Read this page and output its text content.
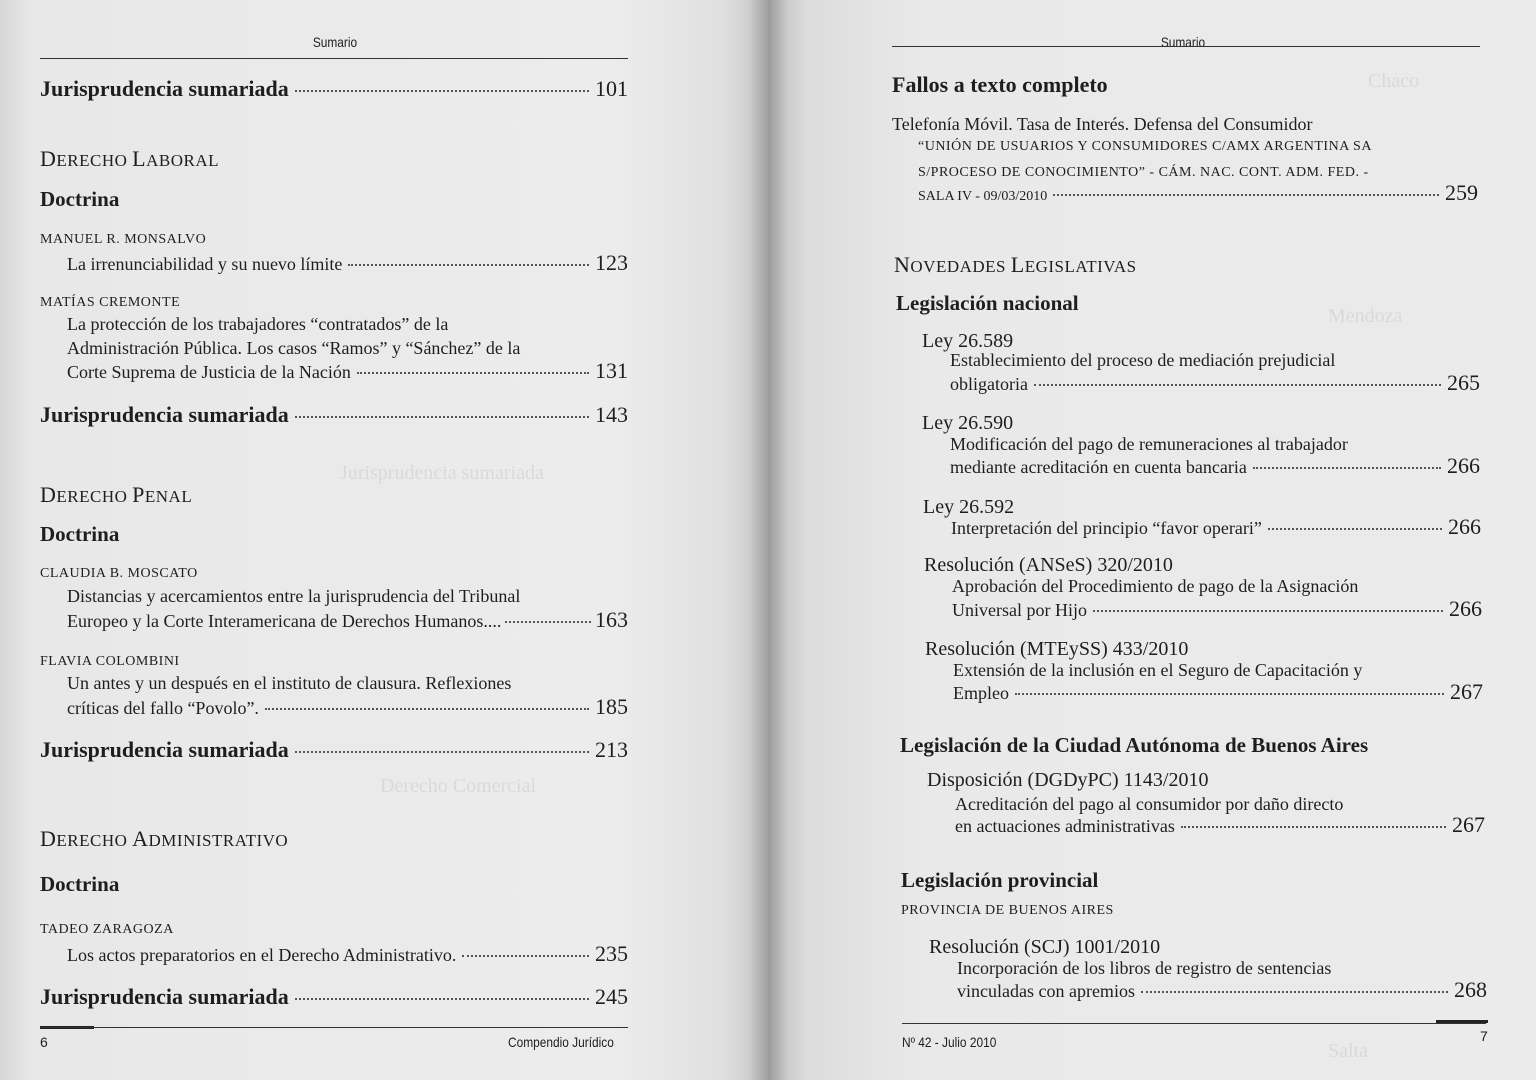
Jurisprudencia sumariada
Derecho Comercial
Sumario
Jurisprudencia sumariada	101
DERECHO LABORAL
Doctrina
MANUEL R. MONSALVO
La irrenunciabilidad y su nuevo límite	123
MATÍAS CREMONTE
La protección de los trabajadores “contratados” de la
Administración Pública. Los casos “Ramos” y “Sánchez” de la
Corte Suprema de Justicia de la Nación	131
Jurisprudencia sumariada	143
DERECHO PENAL
Doctrina
CLAUDIA B. MOSCATO
Distancias y acercamientos entre la jurisprudencia del Tribunal
Europeo y la Corte Interamericana de Derechos Humanos....	163
FLAVIA COLOMBINI
Un antes y un después en el instituto de clausura. Reflexiones
críticas del fallo “Povolo”.	185
Jurisprudencia sumariada	213
DERECHO ADMINISTRATIVO
Doctrina
TADEO ZARAGOZA
Los actos preparatorios en el Derecho Administrativo.	235
Jurisprudencia sumariada	245
6	Compendio Jurídico
Chaco
Mendoza
Salta
Sumario
Fallos a texto completo
Telefonía Móvil. Tasa de Interés. Defensa del Consumidor
“UNIÓN DE USUARIOS Y CONSUMIDORES C/AMX ARGENTINA SA
S/PROCESO DE CONOCIMIENTO” - CÁM. NAC. CONT. ADM. FED. -
SALA IV - 09/03/2010	259
NOVEDADES LEGISLATIVAS
Legislación nacional
Ley 26.589
Establecimiento del proceso de mediación prejudicial
obligatoria	265
Ley 26.590
Modificación del pago de remuneraciones al trabajador
mediante acreditación en cuenta bancaria	266
Ley 26.592
Interpretación del principio “favor operari”	266
Resolución (ANSeS) 320/2010
Aprobación del Procedimiento de pago de la Asignación
Universal por Hijo	266
Resolución (MTEySS) 433/2010
Extensión de la inclusión en el Seguro de Capacitación y
Empleo	267
Legislación de la Ciudad Autónoma de Buenos Aires
Disposición (DGDyPC) 1143/2010
Acreditación del pago al consumidor por daño directo
en actuaciones administrativas	267
Legislación provincial
PROVINCIA DE BUENOS AIRES
Resolución (SCJ) 1001/2010
Incorporación de los libros de registro de sentencias
vinculadas con apremios	268
Nº 42 - Julio 2010	7
